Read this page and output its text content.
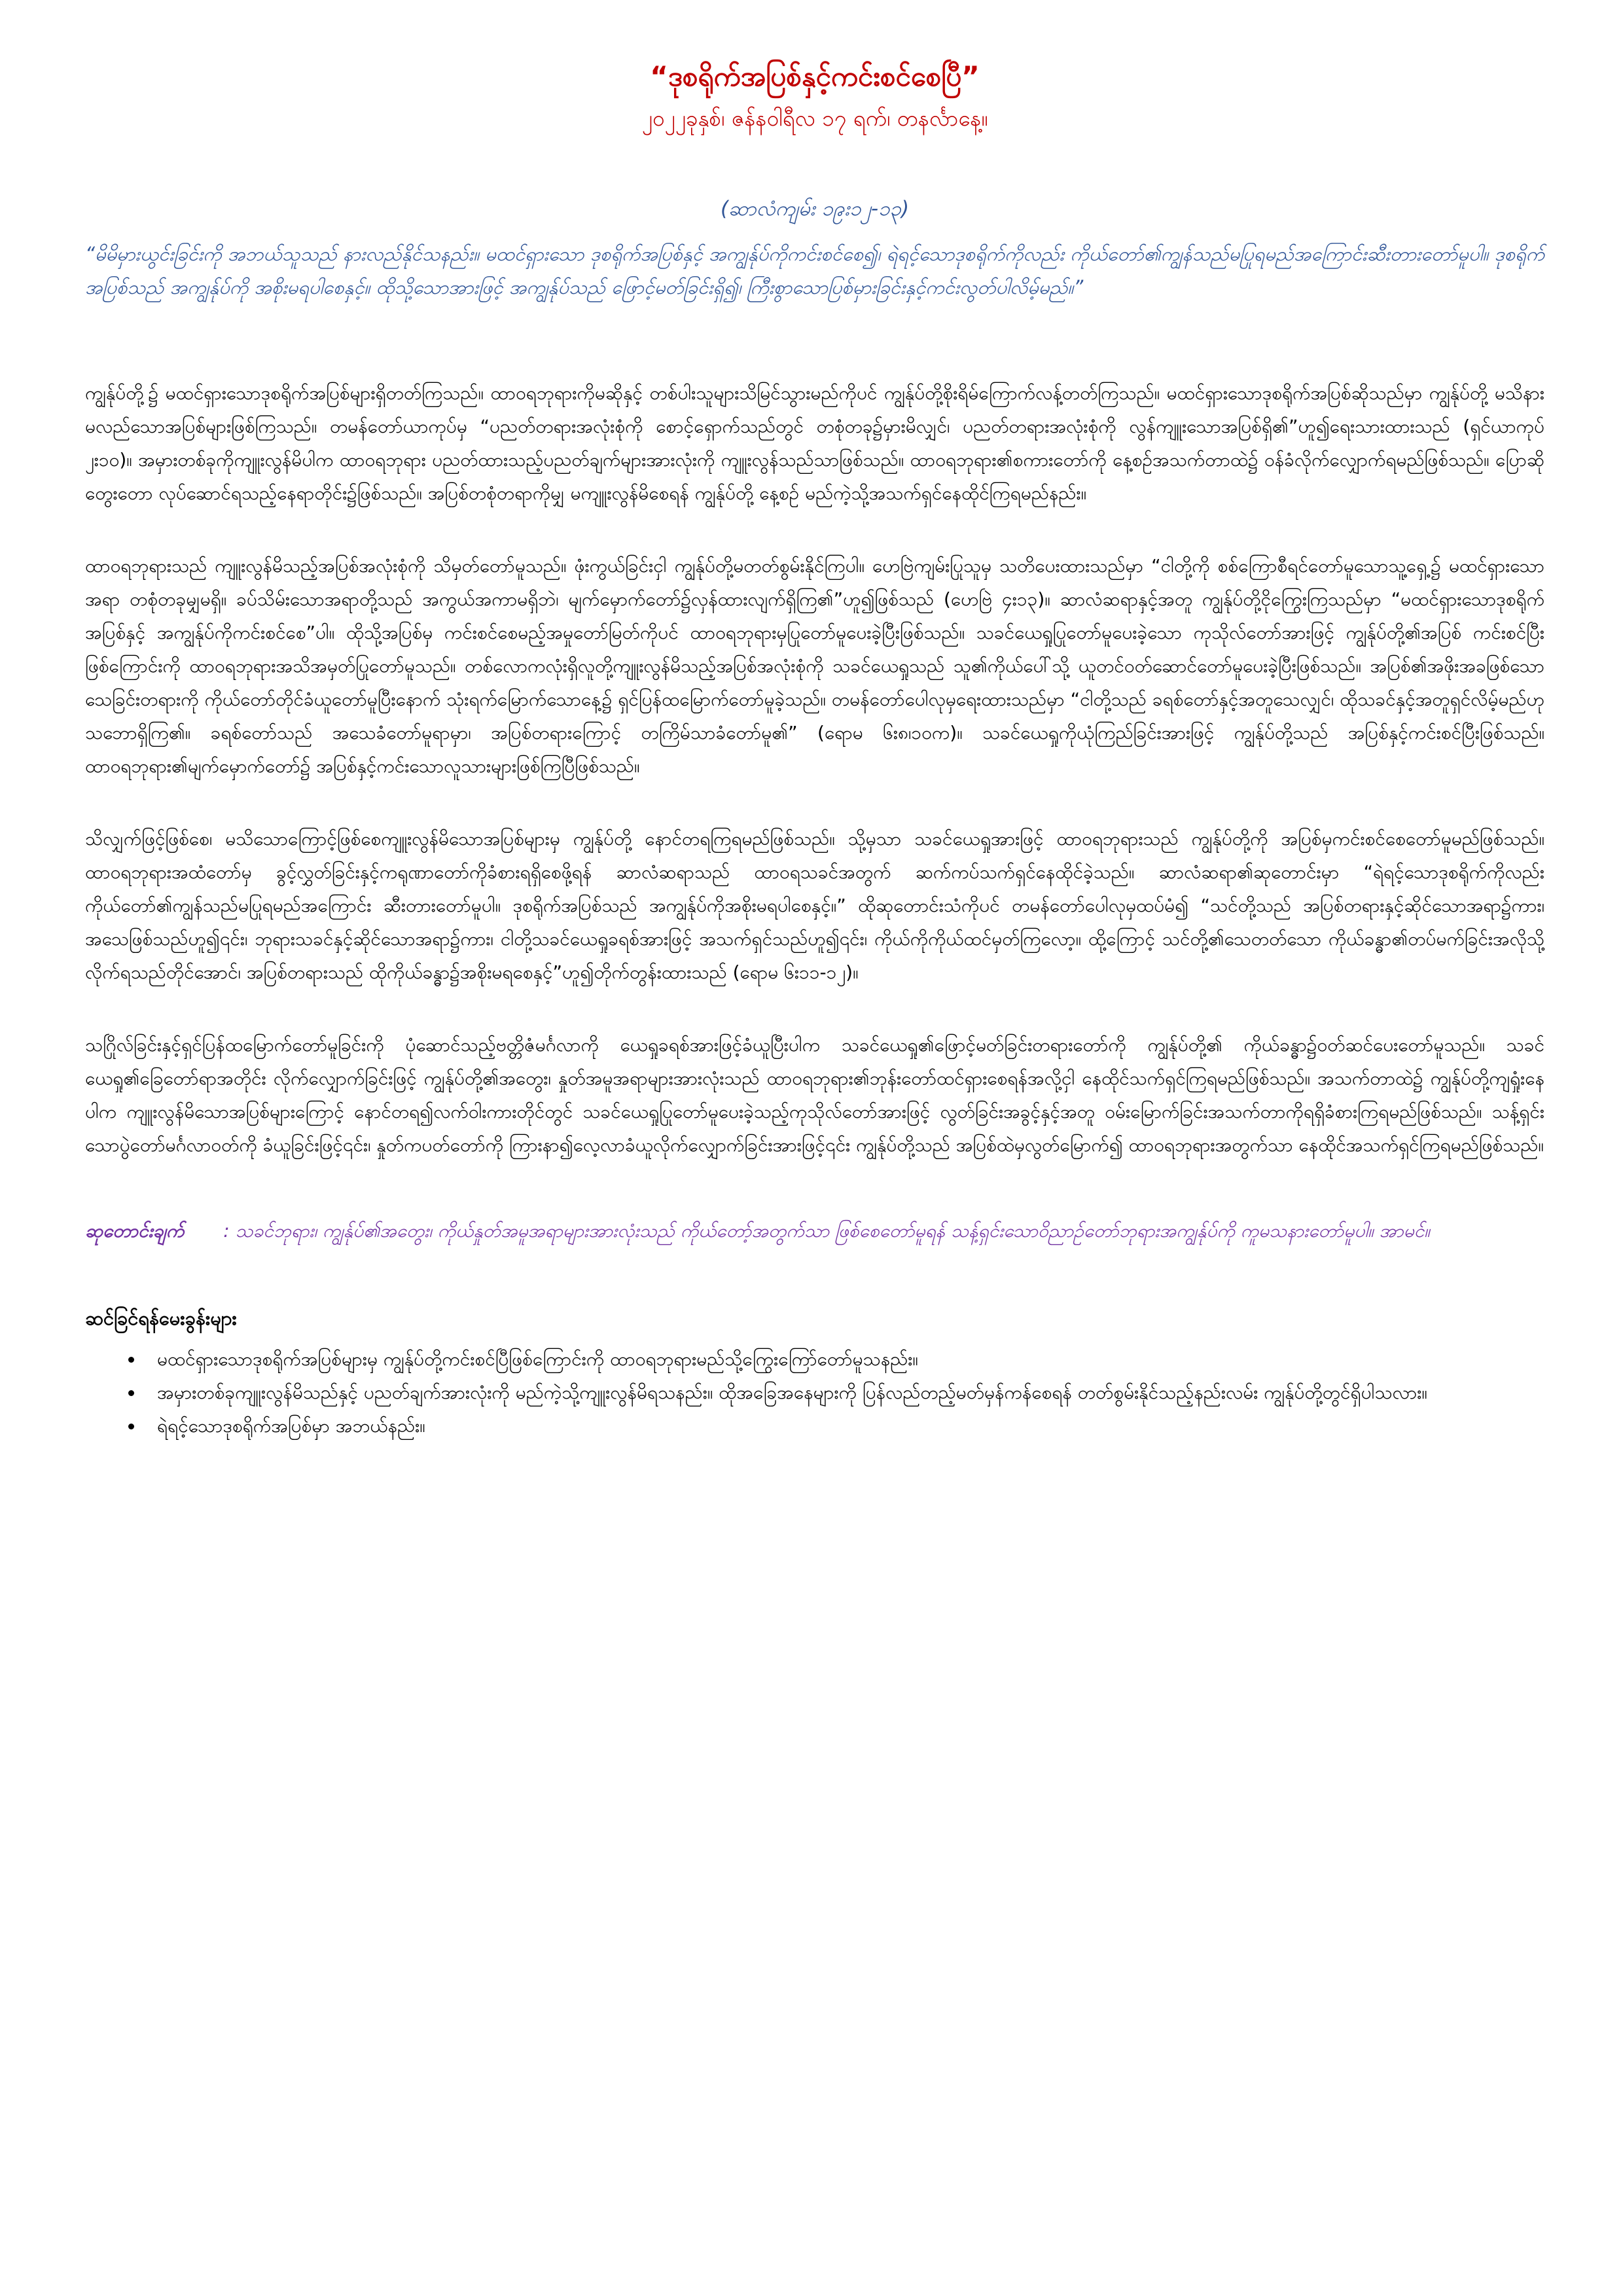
“ဒုစရိုက်အပြစ်နှင့်ကင်းစင်စေပြီ”
၂၀၂၂ခုနှစ်၊ ဇန်နဝါရီလ ၁၇ ရက်၊ တနင်္လာနေ့။
(ဆာလံကျမ်း ၁၉း၁၂-၁၃)
“မိမိမှားယွင်းခြင်းကို အဘယ်သူသည် နားလည်နိုင်သနည်း။ မထင်ရှားသော ဒုစရိုက်အပြစ်နှင့် အကျွန်ုပ်ကိုကင်းစင်စေ၍၊ ရဲရင့်သောဒုစရိုက်ကိုလည်း ကိုယ်တော်၏ကျွန်သည်မပြုရမည်အကြောင်းဆီးတားတော်မူပါ။ ဒုစရိုက်အပြစ်သည် အကျွန်ုပ်ကို အစိုးမရပါစေနှင့်။ ထိုသို့သောအားဖြင့် အကျွန်ုပ်သည် ဖြောင့်မတ်ခြင်းရှိ၍၊ ကြီးစွာသောပြစ်မှားခြင်းနှင့်ကင်းလွတ်ပါလိမ့်မည်။”

ကျွန်ုပ်တို့၌ မထင်ရှားသောဒုစရိုက်အပြစ်များရှိတတ်ကြသည်။ ထာဝရဘုရားကိုမဆိုနှင့် တစ်ပါးသူများသိမြင်သွားမည်ကိုပင် ကျွန်ုပ်တို့စိုးရိမ်ကြောက်လန့်တတ်ကြသည်။ မထင်ရှားသောဒုစရိုက်အပြစ်ဆိုသည်မှာ ကျွန်ုပ်တို့ မသိနားမလည်သောအပြစ်များဖြစ်ကြသည်။ တမန်တော်ယာကုပ်မှ “ပညတ်တရားအလုံးစုံကို စောင့်ရှောက်သည်တွင် တစုံတခု၌မှားမိလျှင်၊ ပညတ်တရားအလုံးစုံကို လွန်ကျူးသောအပြစ်ရှိ၏”ဟူ၍ရေးသားထားသည် (ရှင်ယာကုပ် ၂း၁၀)။ အမှားတစ်ခုကိုကျူးလွန်မိပါက ထာဝရဘုရား ပညတ်ထားသည့်ပညတ်ချက်များအားလုံးကို ကျူးလွန်သည်သာဖြစ်သည်။ ထာဝရဘုရား၏စကားတော်ကို နေ့စဉ်အသက်တာထဲ၌ ဝန်ခံလိုက်လျှောက်ရမည်ဖြစ်သည်။ ပြောဆိုတွေးတော လုပ်ဆောင်ရသည့်နေရာတိုင်း၌ဖြစ်သည်။ အပြစ်တစုံတရာကိုမျှ မကျူးလွန်မိစေရန် ကျွန်ုပ်တို့ နေ့စဉ် မည်ကဲ့သို့အသက်ရှင်နေထိုင်ကြရမည်နည်း။

ထာဝရဘုရားသည် ကျူးလွန်မိသည့်အပြစ်အလုံးစုံကို သိမှတ်တော်မူသည်။ ဖုံးကွယ်ခြင်းငှါ ကျွန်ုပ်တို့မတတ်စွမ်းနိုင်ကြပါ။ ဟေဗြဲကျမ်းပြုသူမှ သတိပေးထားသည်မှာ “ငါတို့ကို စစ်ကြောစီရင်တော်မူသောသူ့ရှေ့၌ မထင်ရှားသောအရာ တစုံတခုမျှမရှိ။ ခပ်သိမ်းသောအရာတို့သည် အကွယ်အကာမရှိဘဲ၊ မျက်မှောက်တော်၌လှန်ထားလျက်ရှိကြ၏”ဟူ၍ဖြစ်သည် (ဟေဗြဲ ၄း၁၃)။ ဆာလံဆရာနှင့်အတူ ကျွန်ုပ်တို့ငိုကြွေးကြသည်မှာ “မထင်ရှားသောဒုစရိုက်အပြစ်နှင့် အကျွန်ုပ်ကိုကင်းစင်စေ”ပါ။ ထိုသို့အပြစ်မှ ကင်းစင်စေမည့်အမှုတော်မြတ်ကိုပင် ထာဝရဘုရားမှပြုတော်မူပေးခဲ့ပြီးဖြစ်သည်။ သခင်ယေရှုပြုတော်မူပေးခဲ့သော ကုသိုလ်တော်အားဖြင့် ကျွန်ုပ်တို့၏အပြစ် ကင်းစင်ပြီးဖြစ်ကြောင်းကို ထာဝရဘုရားအသိအမှတ်ပြုတော်မူသည်။ တစ်လောကလုံးရှိလူတို့ကျူးလွန်မိသည့်အပြစ်အလုံးစုံကို သခင်ယေရှုသည် သူ၏ကိုယ်ပေါ်သို့ ယူတင်ဝတ်ဆောင်တော်မူပေးခဲ့ပြီးဖြစ်သည်။ အပြစ်၏အဖိုးအခဖြစ်သောသေခြင်းတရားကို ကိုယ်တော်တိုင်ခံယူတော်မူပြီးနောက် သုံးရက်မြောက်သောနေ့၌ ရှင်ပြန်ထမြောက်တော်မူခဲ့သည်။ တမန်တော်ပေါလုမှရေးထားသည်မှာ “ငါတို့သည် ခရစ်တော်နှင့်အတူသေလျှင်၊ ထိုသခင်နှင့်အတူရှင်လိမ့်မည်ဟုသဘောရှိကြ၏။ ခရစ်တော်သည် အသေခံတော်မူရာမှာ၊ အပြစ်တရားကြောင့် တကြိမ်သာခံတော်မူ၏” (ရောမ ၆း၈၊၁၀က)။ သခင်ယေရှုကိုယုံကြည်ခြင်းအားဖြင့် ကျွန်ုပ်တို့သည် အပြစ်နှင့်ကင်းစင်ပြီးဖြစ်သည်။ ထာဝရဘုရား၏မျက်မှောက်တော်၌ အပြစ်နှင့်ကင်းသောလူသားများဖြစ်ကြပြီဖြစ်သည်။

သိလျှက်ဖြင့်ဖြစ်စေ၊ မသိသောကြောင့်ဖြစ်စေကျူးလွန်မိသောအပြစ်များမှ ကျွန်ုပ်တို့ နောင်တရကြရမည်ဖြစ်သည်။ သို့မှသာ သခင်ယေရှုအားဖြင့် ထာဝရဘုရားသည် ကျွန်ုပ်တို့ကို အပြစ်မှကင်းစင်စေတော်မူမည်ဖြစ်သည်။ ထာဝရဘုရားအထံတော်မှ ခွင့်လွှတ်ခြင်းနှင့်ကရုဏာတော်ကိုခံစားရရှိစေဖို့ရန် ဆာလံဆရာသည် ထာဝရသခင်အတွက် ဆက်ကပ်သက်ရှင်နေထိုင်ခဲ့သည်။ ဆာလံဆရာ၏ဆုတောင်းမှာ “ရဲရင့်သောဒုစရိုက်ကိုလည်း ကိုယ်တော်၏ကျွန်သည်မပြုရမည်အကြောင်း ဆီးတားတော်မူပါ။ ဒုစရိုက်အပြစ်သည် အကျွန်ုပ်ကိုအစိုးမရပါစေနှင့်။” ထိုဆုတောင်းသံကိုပင် တမန်တော်ပေါလုမှထပ်မံ၍ “သင်တို့သည် အပြစ်တရားနှင့်ဆိုင်သောအရာ၌ကား၊ အသေဖြစ်သည်ဟူ၍၎င်း၊ ဘုရားသခင်နှင့်ဆိုင်သောအရာ၌ကား၊ ငါတို့သခင်ယေရှုခရစ်အားဖြင့် အသက်ရှင်သည်ဟူ၍၎င်း၊ ကိုယ်ကိုကိုယ်ထင်မှတ်ကြလော့။ ထို့ကြောင့် သင်တို့၏သေတတ်သော ကိုယ်ခန္ဓာ၏တပ်မက်ခြင်းအလိုသို့ လိုက်ရသည်တိုင်အောင်၊ အပြစ်တရားသည် ထိုကိုယ်ခန္ဓာ၌အစိုးမရစေနှင့်”ဟူ၍တိုက်တွန်းထားသည် (ရောမ ၆း၁၁-၁၂)။

သဂြိုလ်ခြင်းနှင့်ရှင်ပြန်ထမြောက်တော်မူခြင်းကို ပုံဆောင်သည့်ဗတ္တိဇံမင်္ဂလာကို ယေရှုခရစ်အားဖြင့်ခံယူပြီးပါက သခင်ယေရှု၏ဖြောင့်မတ်ခြင်းတရားတော်ကို ကျွန်ုပ်တို့၏ ကိုယ်ခန္ဓာ၌ဝတ်ဆင်ပေးတော်မူသည်။ သခင်ယေရှု၏ခြေတော်ရာအတိုင်း လိုက်လျှောက်ခြင်းဖြင့် ကျွန်ုပ်တို့၏အတွေး၊ နှုတ်အမူအရာများအားလုံးသည် ထာဝရဘုရား၏ဘုန်းတော်ထင်ရှားစေရန်အလို့ငှါ နေထိုင်သက်ရှင်ကြရမည်ဖြစ်သည်။ အသက်တာထဲ၌ ကျွန်ုပ်တို့ကျရှုံးနေပါက ကျူးလွန်မိသောအပြစ်များကြောင့် နောင်တရ၍လက်ဝါးကားတိုင်တွင် သခင်ယေရှုပြုတော်မူပေးခဲ့သည့်ကုသိုလ်တော်အားဖြင့် လွတ်ခြင်းအခွင့်နှင့်အတူ ဝမ်းမြောက်ခြင်းအသက်တာကိုရရှိခံစားကြရမည်ဖြစ်သည်။ သန့်ရှင်းသောပွဲတော်မင်္ဂလာဝတ်ကို ခံယူခြင်းဖြင့်၎င်း၊ နှုတ်ကပတ်တော်ကို ကြားနာ၍လေ့လာခံယူလိုက်လျှောက်ခြင်းအားဖြင့်၎င်း ကျွန်ုပ်တို့သည် အပြစ်ထဲမှလွတ်မြောက်၍ ထာဝရဘုရားအတွက်သာ နေထိုင်အသက်ရှင်ကြရမည်ဖြစ်သည်။

ဆုတောင်းချက် : သခင်ဘုရား၊ ကျွန်ုပ်၏အတွေး၊ ကိုယ်နှုတ်အမူအရာများအားလုံးသည် ကိုယ်တော့်အတွက်သာ ဖြစ်စေတော်မူရန် သန့်ရှင်းသောဝိညာဉ်တော်ဘုရားအကျွန်ုပ်ကို ကူမသနားတော်မူပါ။ အာမင်။
ဆင်ခြင်ရန်မေးခွန်းများ
• မထင်ရှားသောဒုစရိုက်အပြစ်များမှ ကျွန်ုပ်တို့ကင်းစင်ပြီဖြစ်ကြောင်းကို ထာဝရဘုရားမည်သို့ကြွေးကြော်တော်မူသနည်း။
• အမှားတစ်ခုကျူးလွန်မိသည်နှင့် ပညတ်ချက်အားလုံးကို မည်ကဲ့သို့ကျူးလွန်မိရသနည်း။ ထိုအခြေအနေများကို ပြန်လည်တည့်မတ်မှန်ကန်စေရန် တတ်စွမ်းနိုင်သည့်နည်းလမ်း ကျွန်ုပ်တို့တွင်ရှိပါသလား။
• ရဲရင့်သောဒုစရိုက်အပြစ်မှာ အဘယ်နည်း။
